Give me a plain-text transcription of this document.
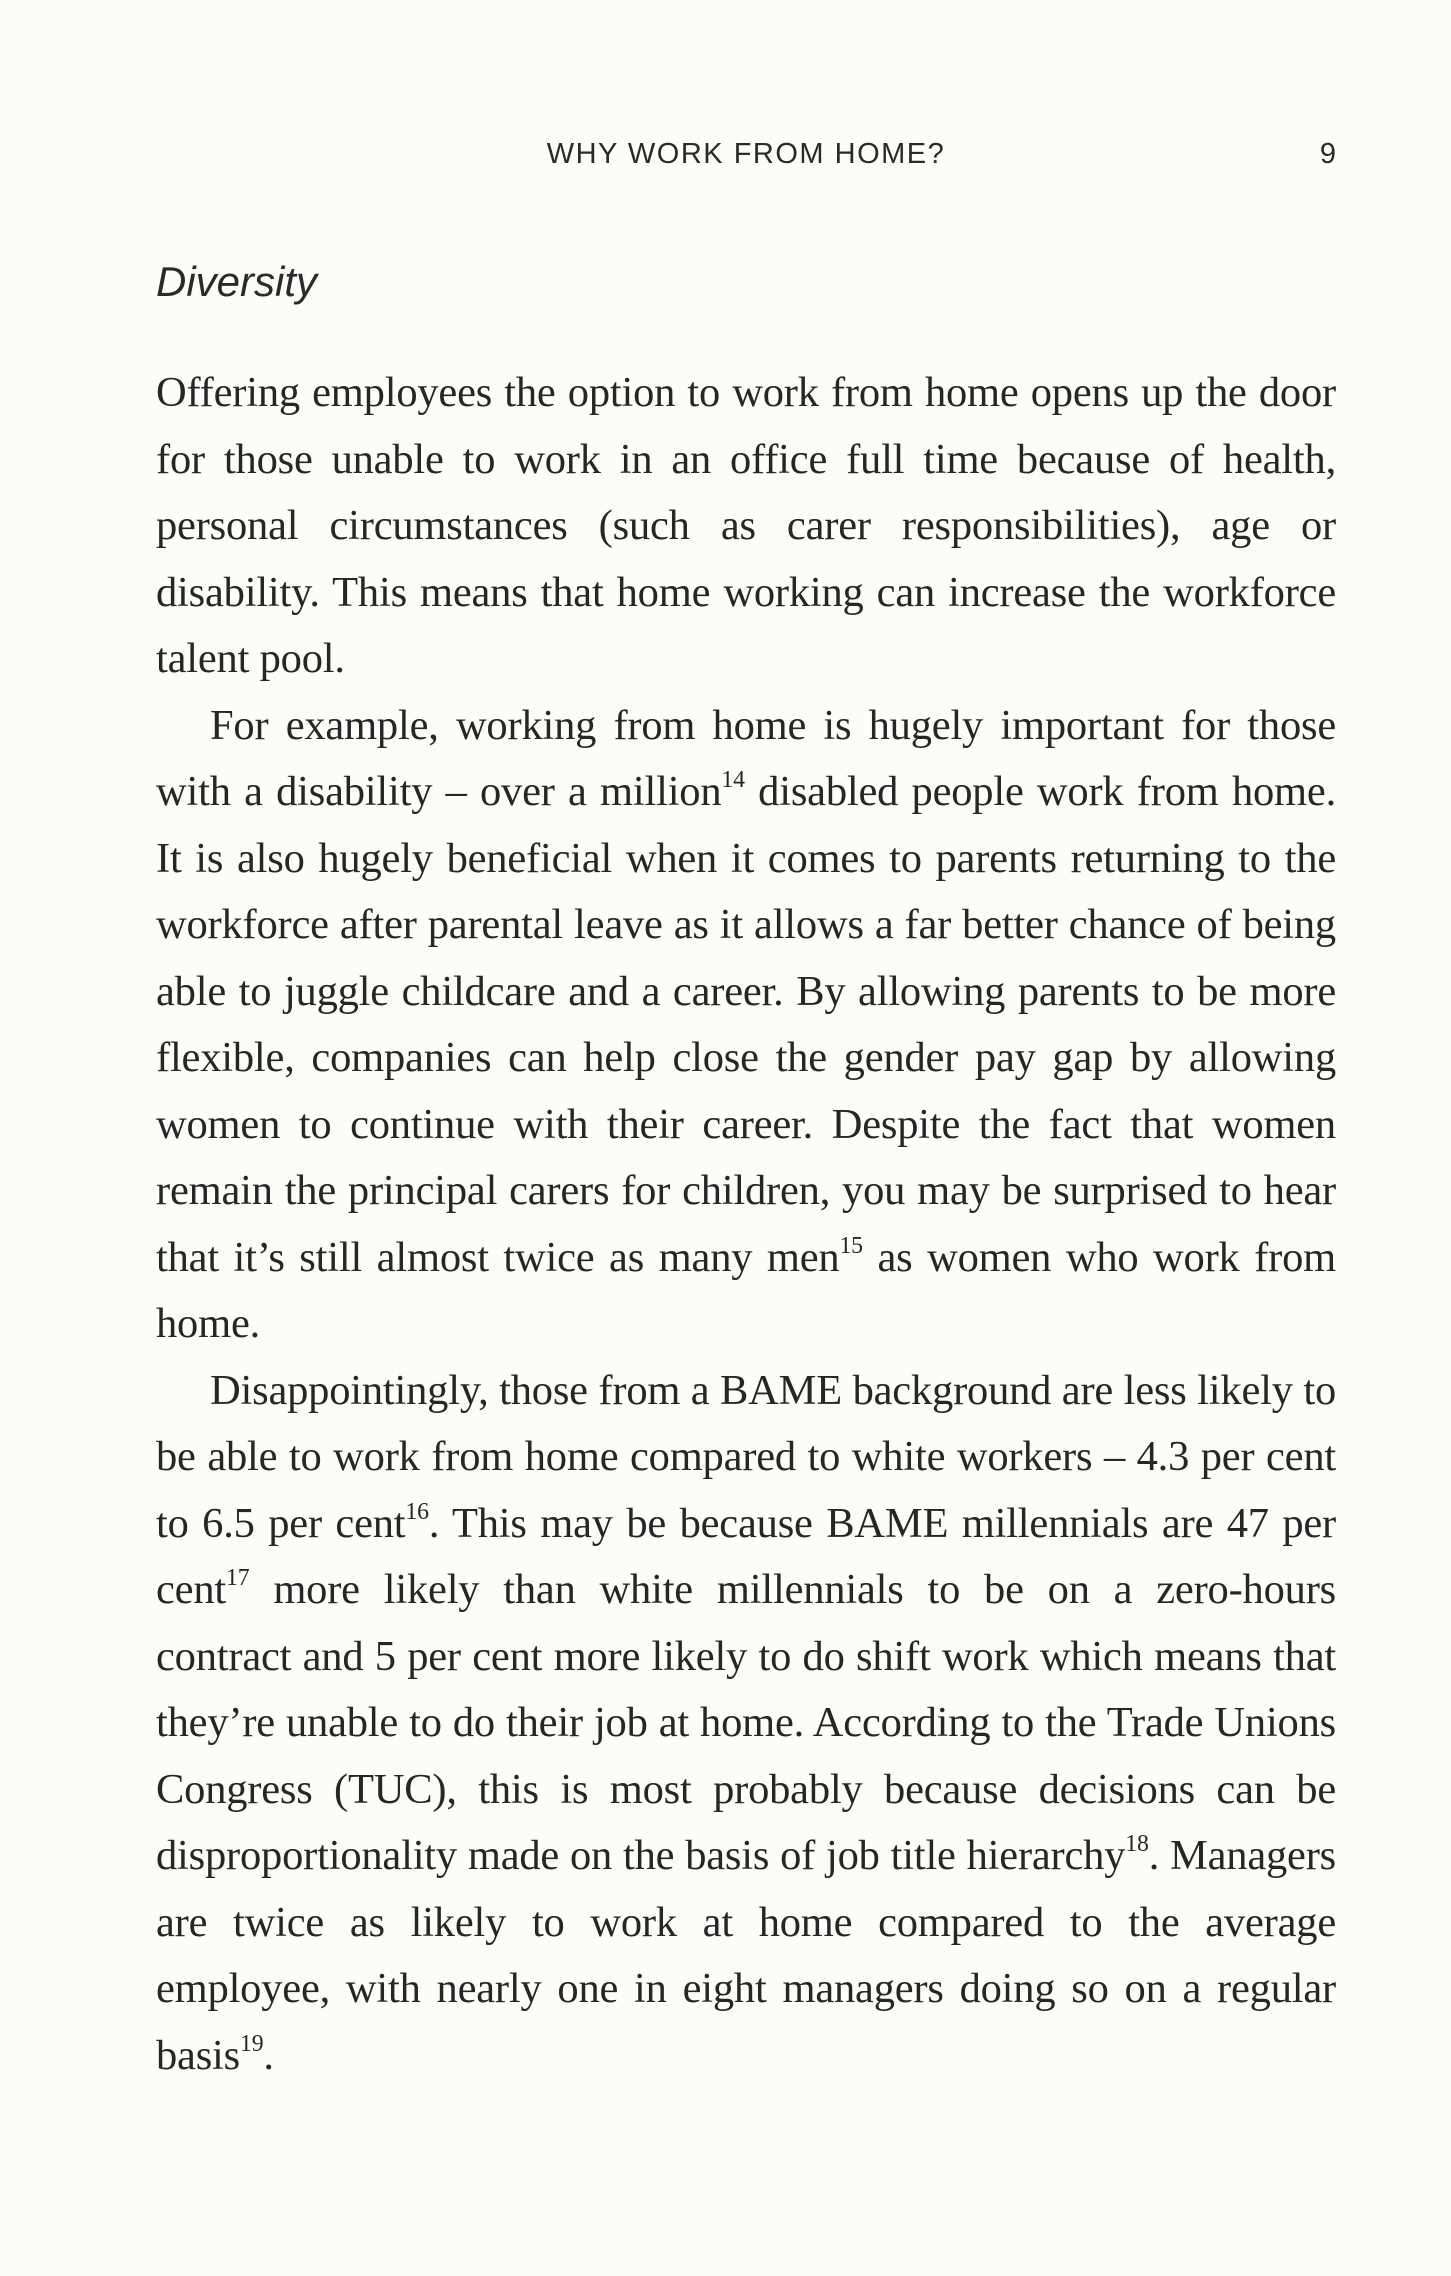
WHY WORK FROM HOME?	9
Diversity

Offering employees the option to work from home opens up the door for those unable to work in an office full time because of health, personal circumstances (such as carer responsibilities), age or disability. This means that home working can increase the workforce talent pool.

For example, working from home is hugely important for those with a disability – over a million$^{14}$ disabled people work from home. It is also hugely beneficial when it comes to parents returning to the workforce after parental leave as it allows a far better chance of being able to juggle childcare and a career. By allowing parents to be more flexible, companies can help close the gender pay gap by allowing women to continue with their career. Despite the fact that women remain the principal carers for children, you may be surprised to hear that it’s still almost twice as many men$^{15}$ as women who work from home.

Disappointingly, those from a BAME background are less likely to be able to work from home compared to white workers – 4.3 per cent to 6.5 per cent$^{16}$. This may be because BAME millennials are 47 per cent$^{17}$ more likely than white millennials to be on a zero-hours contract and 5 per cent more likely to do shift work which means that they’re unable to do their job at home. According to the Trade Unions Congress (TUC), this is most probably because decisions can be disproportionality made on the basis of job title hierarchy$^{18}$. Managers are twice as likely to work at home compared to the average employee, with nearly one in eight managers doing so on a regular basis$^{19}$.
